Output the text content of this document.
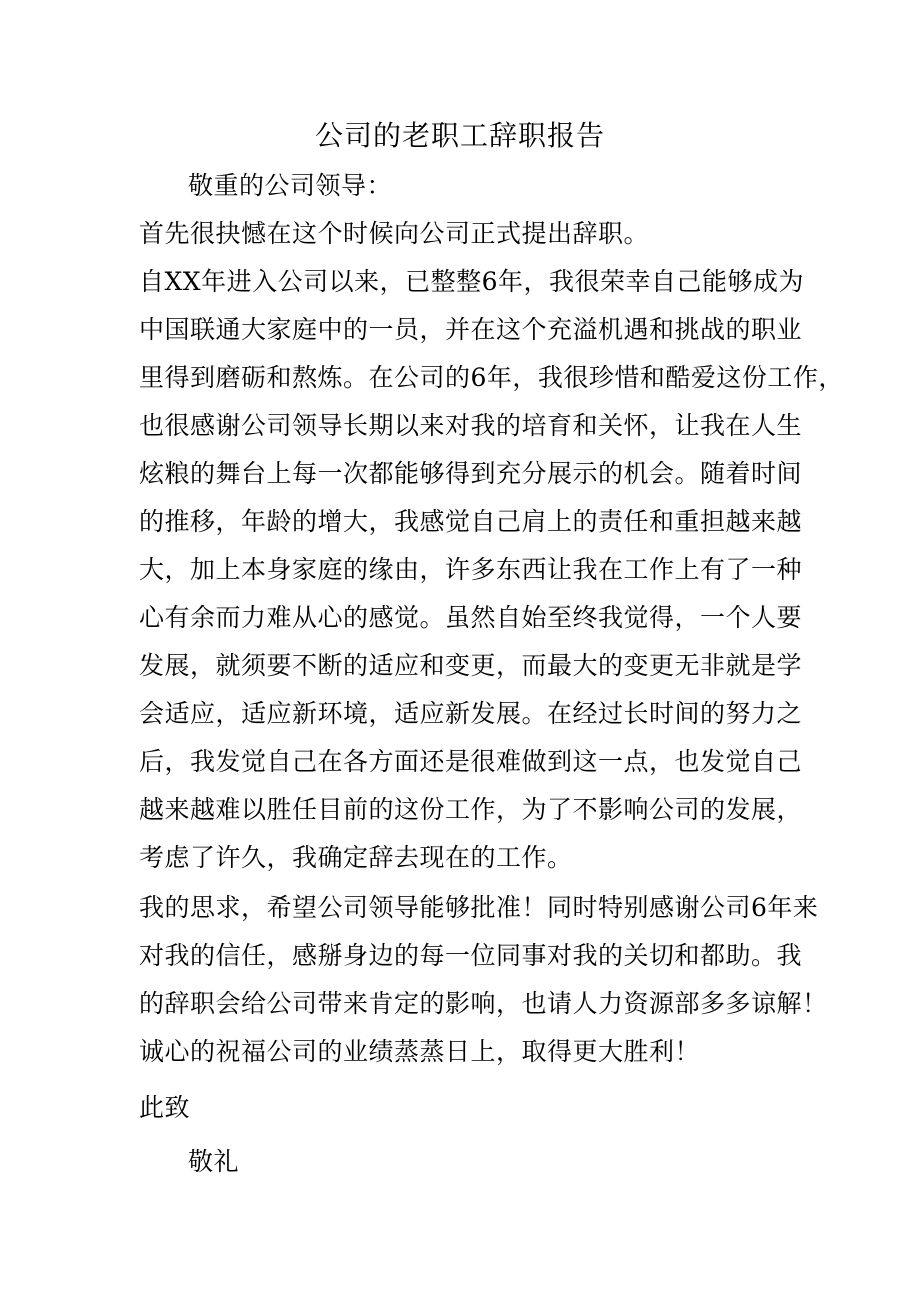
公司的老职工辞职报告
敬重的公司领导：
首先很抉憾在这个时候向公司正式提出辞职。
自XX年进入公司以来，已整整6年，我很荣幸自己能够成为
中国联通大家庭中的一员，并在这个充溢机遇和挑战的职业
里得到磨砺和熬炼。在公司的6年，我很珍惜和酷爱这份工作，
也很感谢公司领导长期以来对我的培育和关怀，让我在人生
炫粮的舞台上每一次都能够得到充分展示的机会。随着时间
的推移，年龄的增大，我感觉自己肩上的责任和重担越来越
大，加上本身家庭的缘由，许多东西让我在工作上有了一种
心有余而力难从心的感觉。虽然自始至终我觉得，一个人要
发展，就须要不断的适应和变更，而最大的变更无非就是学
会适应，适应新环境，适应新发展。在经过长时间的努力之
后，我发觉自己在各方面还是很难做到这一点，也发觉自己
越来越难以胜任目前的这份工作，为了不影响公司的发展，
考虑了许久，我确定辞去现在的工作。
我的思求，希望公司领导能够批准！同时特别感谢公司6年来
对我的信任，感掰身边的每一位同事对我的关切和都助。我
的辞职会给公司带来肯定的影响，也请人力资源部多多谅解！
诚心的祝福公司的业绩蒸蒸日上，取得更大胜利！
此致
敬礼
